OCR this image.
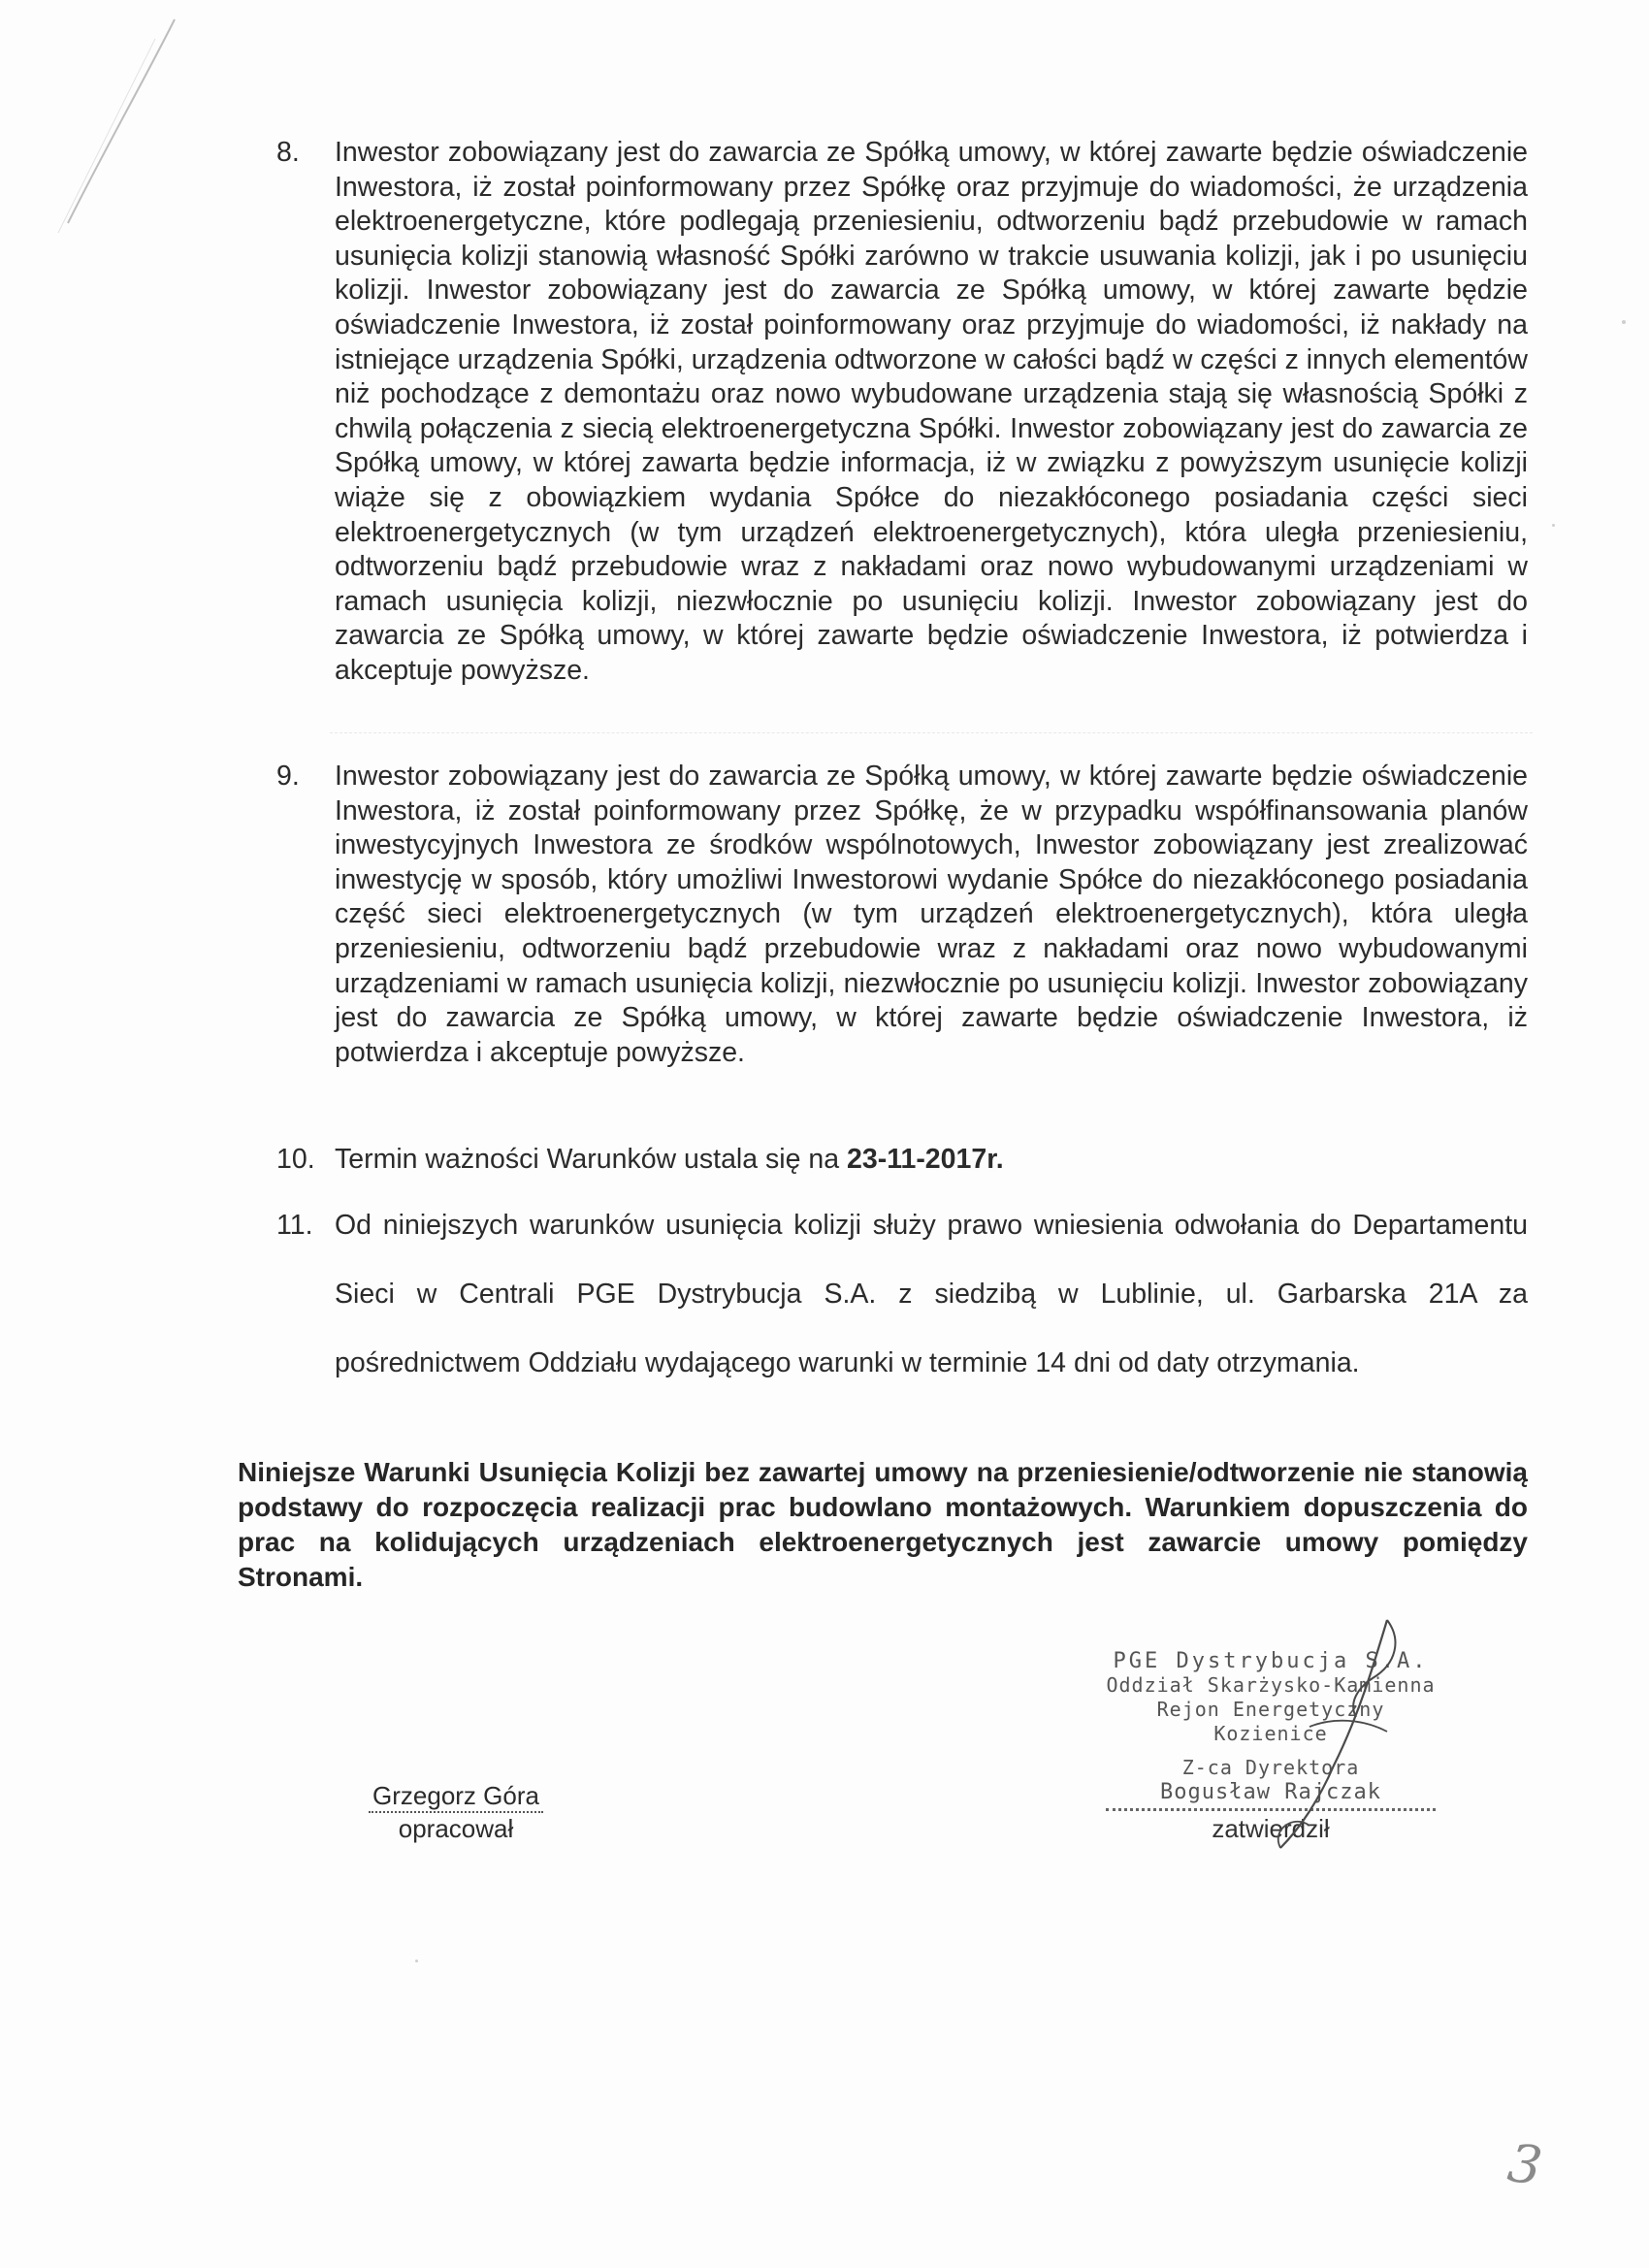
8. Inwestor zobowiązany jest do zawarcia ze Spółką umowy, w której zawarte będzie oświadczenie Inwestora, iż został poinformowany przez Spółkę oraz przyjmuje do wiadomości, że urządzenia elektroenergetyczne, które podlegają przeniesieniu, odtworzeniu bądź przebudowie w ramach usunięcia kolizji stanowią własność Spółki zarówno w trakcie usuwania kolizji, jak i po usunięciu kolizji. Inwestor zobowiązany jest do zawarcia ze Spółką umowy, w której zawarte będzie oświadczenie Inwestora, iż został poinformowany oraz przyjmuje do wiadomości, iż nakłady na istniejące urządzenia Spółki, urządzenia odtworzone w całości bądź w części z innych elementów niż pochodzące z demontażu oraz nowo wybudowane urządzenia stają się własnością Spółki z chwilą połączenia z siecią elektroenergetyczna Spółki. Inwestor zobowiązany jest do zawarcia ze Spółką umowy, w której zawarta będzie informacja, iż w związku z powyższym usunięcie kolizji wiąże się z obowiązkiem wydania Spółce do niezakłóconego posiadania części sieci elektroenergetycznych (w tym urządzeń elektroenergetycznych), która uległa przeniesieniu, odtworzeniu bądź przebudowie wraz z nakładami oraz nowo wybudowanymi urządzeniami w ramach usunięcia kolizji, niezwłocznie po usunięciu kolizji. Inwestor zobowiązany jest do zawarcia ze Spółką umowy, w której zawarte będzie oświadczenie Inwestora, iż potwierdza i akceptuje powyższe.
9. Inwestor zobowiązany jest do zawarcia ze Spółką umowy, w której zawarte będzie oświadczenie Inwestora, iż został poinformowany przez Spółkę, że w przypadku współfinansowania planów inwestycyjnych Inwestora ze środków wspólnotowych, Inwestor zobowiązany jest zrealizować inwestycję w sposób, który umożliwi Inwestorowi wydanie Spółce do niezakłóconego posiadania część sieci elektroenergetycznych (w tym urządzeń elektroenergetycznych), która uległa przeniesieniu, odtworzeniu bądź przebudowie wraz z nakładami oraz nowo wybudowanymi urządzeniami w ramach usunięcia kolizji, niezwłocznie po usunięciu kolizji. Inwestor zobowiązany jest do zawarcia ze Spółką umowy, w której zawarte będzie oświadczenie Inwestora, iż potwierdza i akceptuje powyższe.
10. Termin ważności Warunków ustala się na 23-11-2017r.
11. Od niniejszych warunków usunięcia kolizji służy prawo wniesienia odwołania do Departamentu Sieci w Centrali PGE Dystrybucja S.A. z siedzibą w Lublinie, ul. Garbarska 21A za pośrednictwem Oddziału wydającego warunki w terminie 14 dni od daty otrzymania.
Niniejsze Warunki Usunięcia Kolizji bez zawartej umowy na przeniesienie/odtworzenie nie stanowią podstawy do rozpoczęcia realizacji prac budowlano montażowych. Warunkiem dopuszczenia do prac na kolidujących urządzeniach elektroenergetycznych jest zawarcie umowy pomiędzy Stronami.
Grzegorz Góra
opracował
PGE Dystrybucja S.A.
Oddział Skarżysko-Kamienna
Rejon Energetyczny Kozienice
Z-ca Dyrektora
Bogusław Rajczak
zatwierdził
3
